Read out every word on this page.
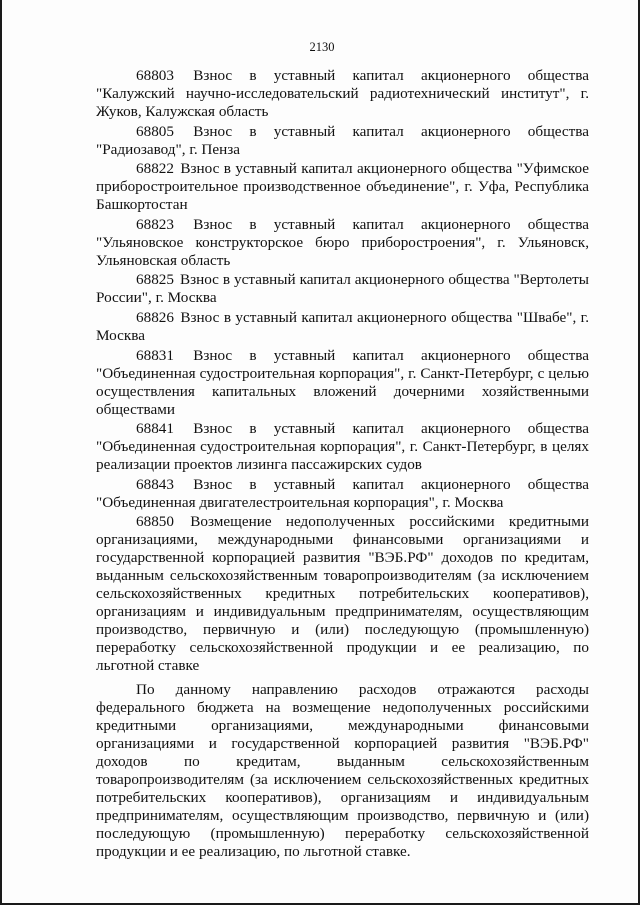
2130

68803 Взнос в уставный капитал акционерного общества "Калужский научно-исследовательский радиотехнический институт", г. Жуков, Калужская область

68805 Взнос в уставный капитал акционерного общества "Радиозавод", г. Пенза

68822 Взнос в уставный капитал акционерного общества "Уфимское приборостроительное производственное объединение", г. Уфа, Республика Башкортостан

68823 Взнос в уставный капитал акционерного общества "Ульяновское конструкторское бюро приборостроения", г. Ульяновск, Ульяновская область

68825 Взнос в уставный капитал акционерного общества "Вертолеты России", г. Москва

68826 Взнос в уставный капитал акционерного общества "Швабе", г. Москва

68831 Взнос в уставный капитал акционерного общества "Объединенная судостроительная корпорация", г. Санкт-Петербург, с целью осуществления капитальных вложений дочерними хозяйственными обществами

68841 Взнос в уставный капитал акционерного общества "Объединенная судостроительная корпорация", г. Санкт-Петербург, в целях реализации проектов лизинга пассажирских судов

68843 Взнос в уставный капитал акционерного общества "Объединенная двигателестроительная корпорация", г. Москва

68850 Возмещение недополученных российскими кредитными организациями, международными финансовыми организациями и государственной корпорацией развития "ВЭБ.РФ" доходов по кредитам, выданным сельскохозяйственным товаропроизводителям (за исключением сельскохозяйственных кредитных потребительских кооперативов), организациям и индивидуальным предпринимателям, осуществляющим производство, первичную и (или) последующую (промышленную) переработку сельскохозяйственной продукции и ее реализацию, по льготной ставке

По данному направлению расходов отражаются расходы федерального бюджета на возмещение недополученных российскими кредитными организациями, международными финансовыми организациями и государственной корпорацией развития "ВЭБ.РФ" доходов по кредитам, выданным сельскохозяйственным товаропроизводителям (за исключением сельскохозяйственных кредитных потребительских кооперативов), организациям и индивидуальным предпринимателям, осуществляющим производство, первичную и (или) последующую (промышленную) переработку сельскохозяйственной продукции и ее реализацию, по льготной ставке.
